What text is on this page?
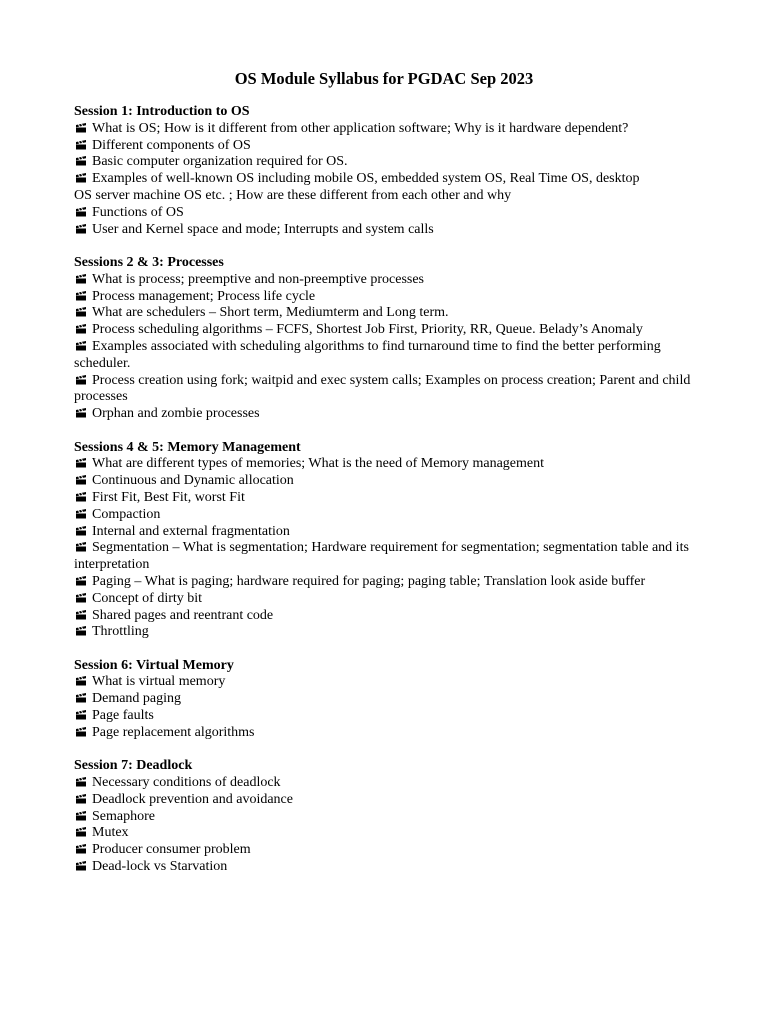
OS Module Syllabus for PGDAC Sep 2023
Session 1: Introduction to OS
What is OS; How is it different from other application software; Why is it hardware dependent?
Different components of OS
Basic computer organization required for OS.
Examples of well-known OS including mobile OS, embedded system OS, Real Time OS, desktop
OS server machine OS etc. ; How are these different from each other and why
Functions of OS
User and Kernel space and mode; Interrupts and system calls
Sessions 2 & 3: Processes
What is process; preemptive and non-preemptive processes
Process management; Process life cycle
What are schedulers – Short term, Mediumterm and Long term.
Process scheduling algorithms – FCFS, Shortest Job First, Priority, RR, Queue. Belady’s Anomaly
Examples associated with scheduling algorithms to find turnaround time to find the better performing scheduler.
Process creation using fork; waitpid and exec system calls; Examples on process creation; Parent and child processes
Orphan and zombie processes
Sessions 4 & 5: Memory Management
What are different types of memories; What is the need of Memory management
Continuous and Dynamic allocation
First Fit, Best Fit, worst Fit
Compaction
Internal and external fragmentation
Segmentation – What is segmentation; Hardware requirement for segmentation; segmentation table and its interpretation
Paging – What is paging; hardware required for paging; paging table; Translation look aside buffer
Concept of dirty bit
Shared pages and reentrant code
Throttling
Session 6: Virtual Memory
What is virtual memory
Demand paging
Page faults
Page replacement algorithms
Session 7: Deadlock
Necessary conditions of deadlock
Deadlock prevention and avoidance
Semaphore
Mutex
Producer consumer problem
Dead-lock vs Starvation
